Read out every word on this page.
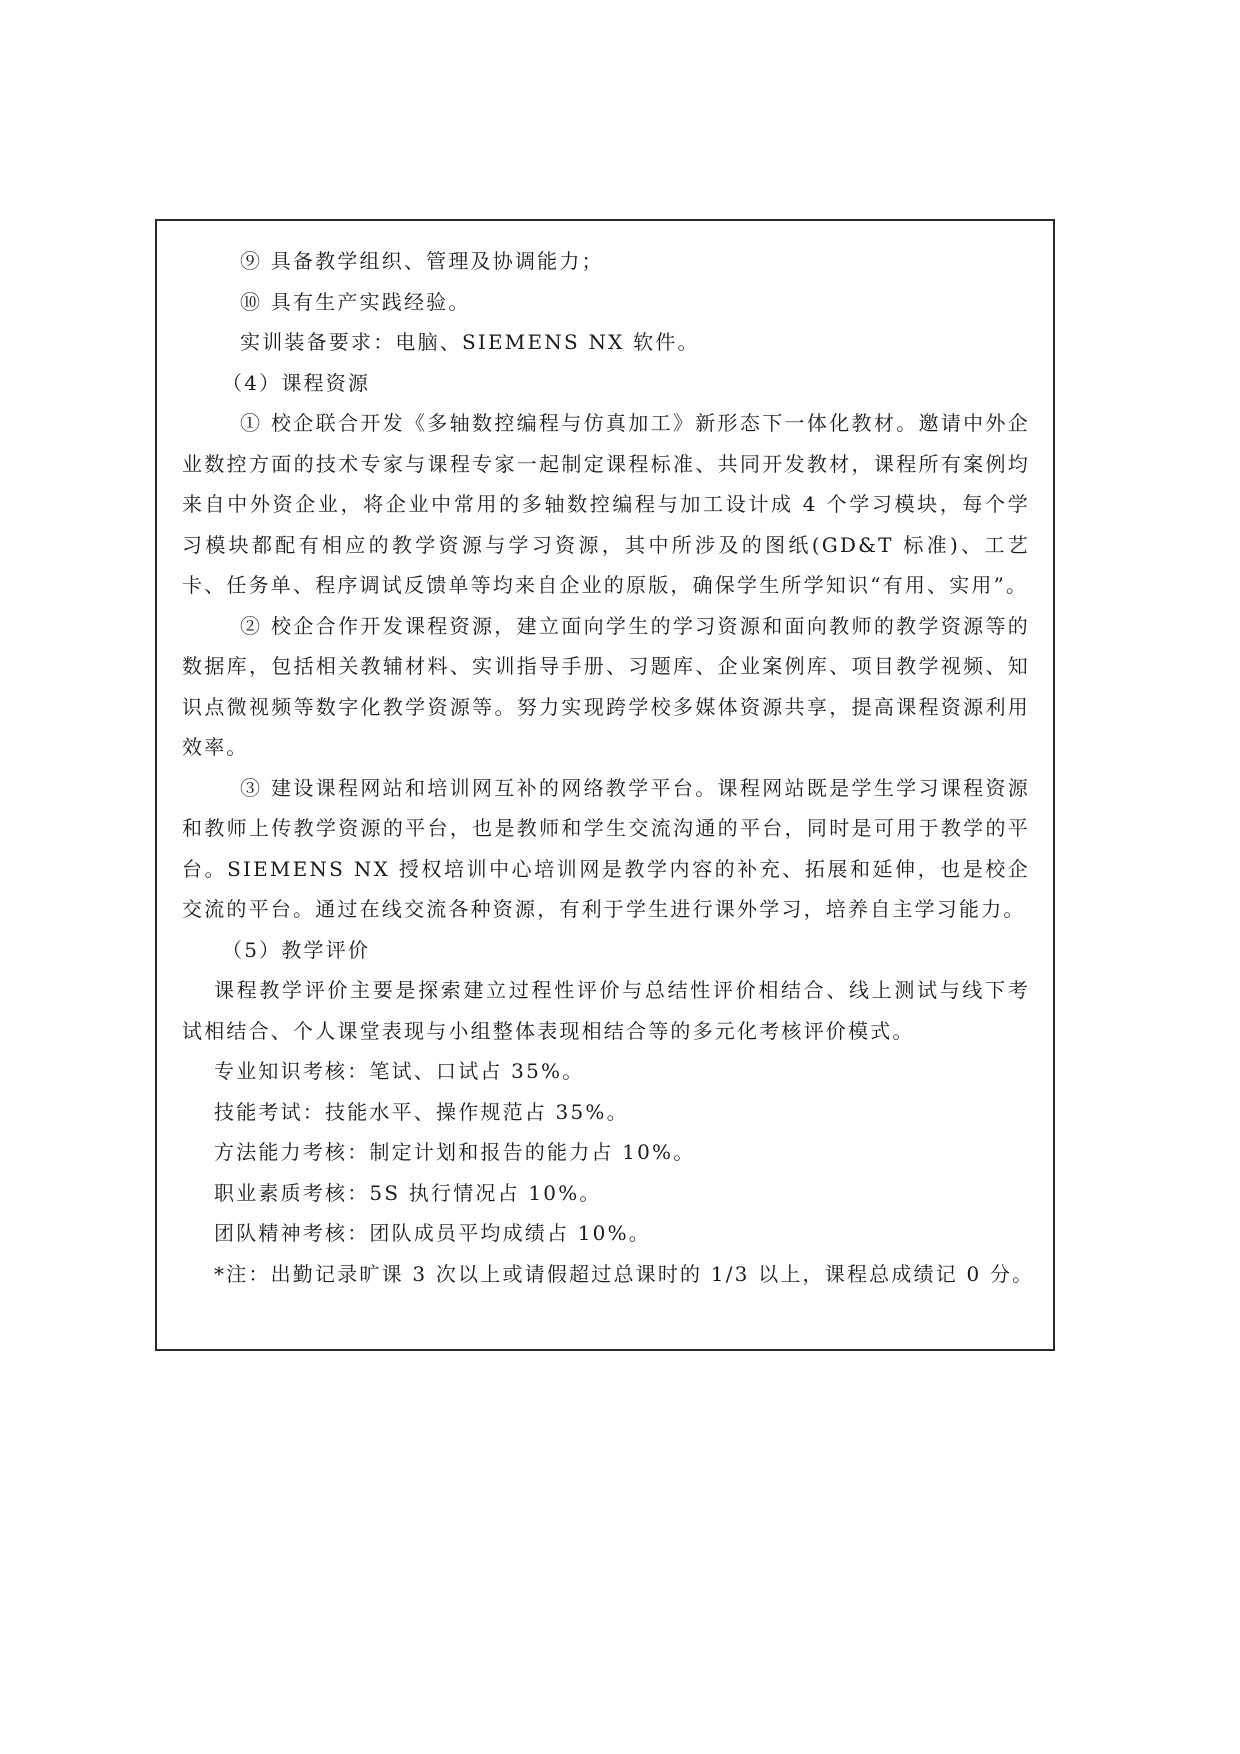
⑨ 具备教学组织、管理及协调能力；
⑩ 具有生产实践经验。
实训装备要求：电脑、SIEMENS NX 软件。
（4）课程资源

① 校企联合开发《多轴数控编程与仿真加工》新形态下一体化教材。邀请中外企业数控方面的技术专家与课程专家一起制定课程标准、共同开发教材，课程所有案例均来自中外资企业，将企业中常用的多轴数控编程与加工设计成 4 个学习模块，每个学习模块都配有相应的教学资源与学习资源，其中所涉及的图纸(GD&T 标准)、工艺卡、任务单、程序调试反馈单等均来自企业的原版，确保学生所学知识“有用、实用”。

② 校企合作开发课程资源，建立面向学生的学习资源和面向教师的教学资源等的数据库，包括相关教辅材料、实训指导手册、习题库、企业案例库、项目教学视频、知识点微视频等数字化教学资源等。努力实现跨学校多媒体资源共享，提高课程资源利用效率。

③ 建设课程网站和培训网互补的网络教学平台。课程网站既是学生学习课程资源和教师上传教学资源的平台，也是教师和学生交流沟通的平台，同时是可用于教学的平台。SIEMENS NX 授权培训中心培训网是教学内容的补充、拓展和延伸，也是校企交流的平台。通过在线交流各种资源，有利于学生进行课外学习，培养自主学习能力。

（5）教学评价

课程教学评价主要是探索建立过程性评价与总结性评价相结合、线上测试与线下考试相结合、个人课堂表现与小组整体表现相结合等的多元化考核评价模式。

专业知识考核：笔试、口试占 35%。
技能考试：技能水平、操作规范占 35%。
方法能力考核：制定计划和报告的能力占 10%。
职业素质考核：5S 执行情况占 10%。
团队精神考核：团队成员平均成绩占 10%。
*注：出勤记录旷课 3 次以上或请假超过总课时的 1/3 以上，课程总成绩记 0 分。
